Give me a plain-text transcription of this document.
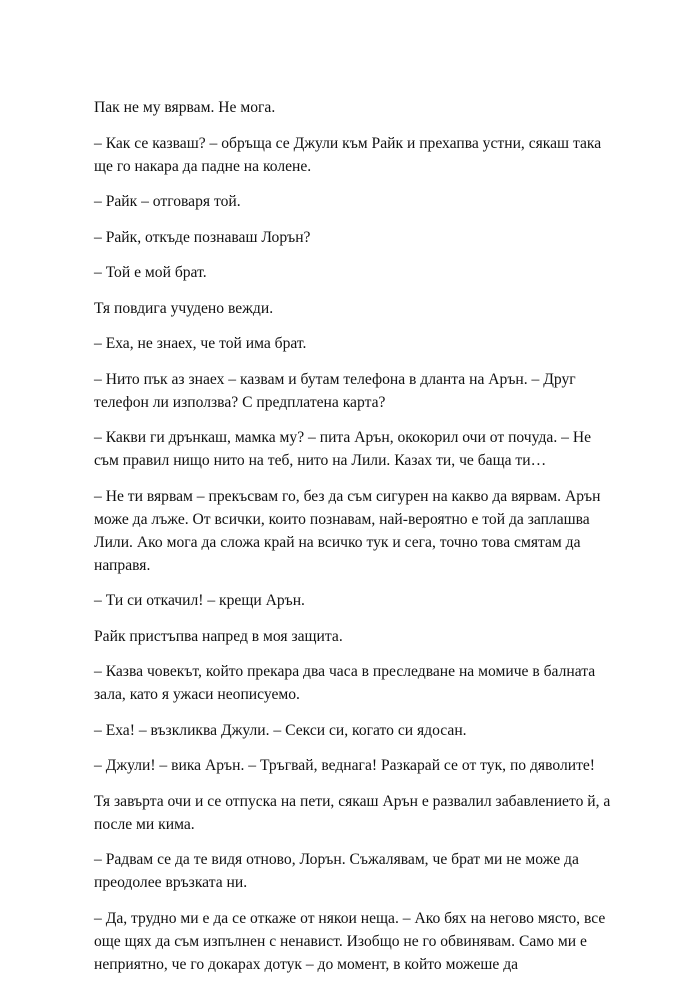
Пак не му вярвам. Не мога.

– Как се казваш? – обръща се Джули към Райк и прехапва устни, сякаш така ще го накара да падне на колене.

– Райк – отговаря той.

– Райк, откъде познаваш Лорън?

– Той е мой брат.

Тя повдига учудено вежди.

– Еха, не знаех, че той има брат.

– Нито пък аз знаех – казвам и бутам телефона в дланта на Арън. – Друг телефон ли използва? С предплатена карта?

– Какви ги дрънкаш, мамка му? – пита Арън, ококорил очи от почуда. – Не съм правил нищо нито на теб, нито на Лили. Казах ти, че баща ти…

– Не ти вярвам – прекъсвам го, без да съм сигурен на какво да вярвам. Арън може да лъже. От всички, които познавам, най-вероятно е той да заплашва Лили. Ако мога да сложа край на всичко тук и сега, точно това смятам да направя.

– Ти си откачил! – крещи Арън.

Райк пристъпва напред в моя защита.

– Казва човекът, който прекара два часа в преследване на момиче в балната зала, като я ужаси неописуемо.

– Еха! – възкликва Джули. – Секси си, когато си ядосан.

– Джули! – вика Арън. – Тръгвай, веднага! Разкарай се от тук, по дяволите!

Тя завърта очи и се отпуска на пети, сякаш Арън е развалил забавлението й, а после ми кима.

– Радвам се да те видя отново, Лорън. Съжалявам, че брат ми не може да преодолее връзката ни.

– Да, трудно ми е да се откаже от някои неща. – Ако бях на негово място, все още щях да съм изпълнен с ненавист. Изобщо не го обвинявам. Само ми е неприятно, че го докарах дотук – до момент, в който можеше да
